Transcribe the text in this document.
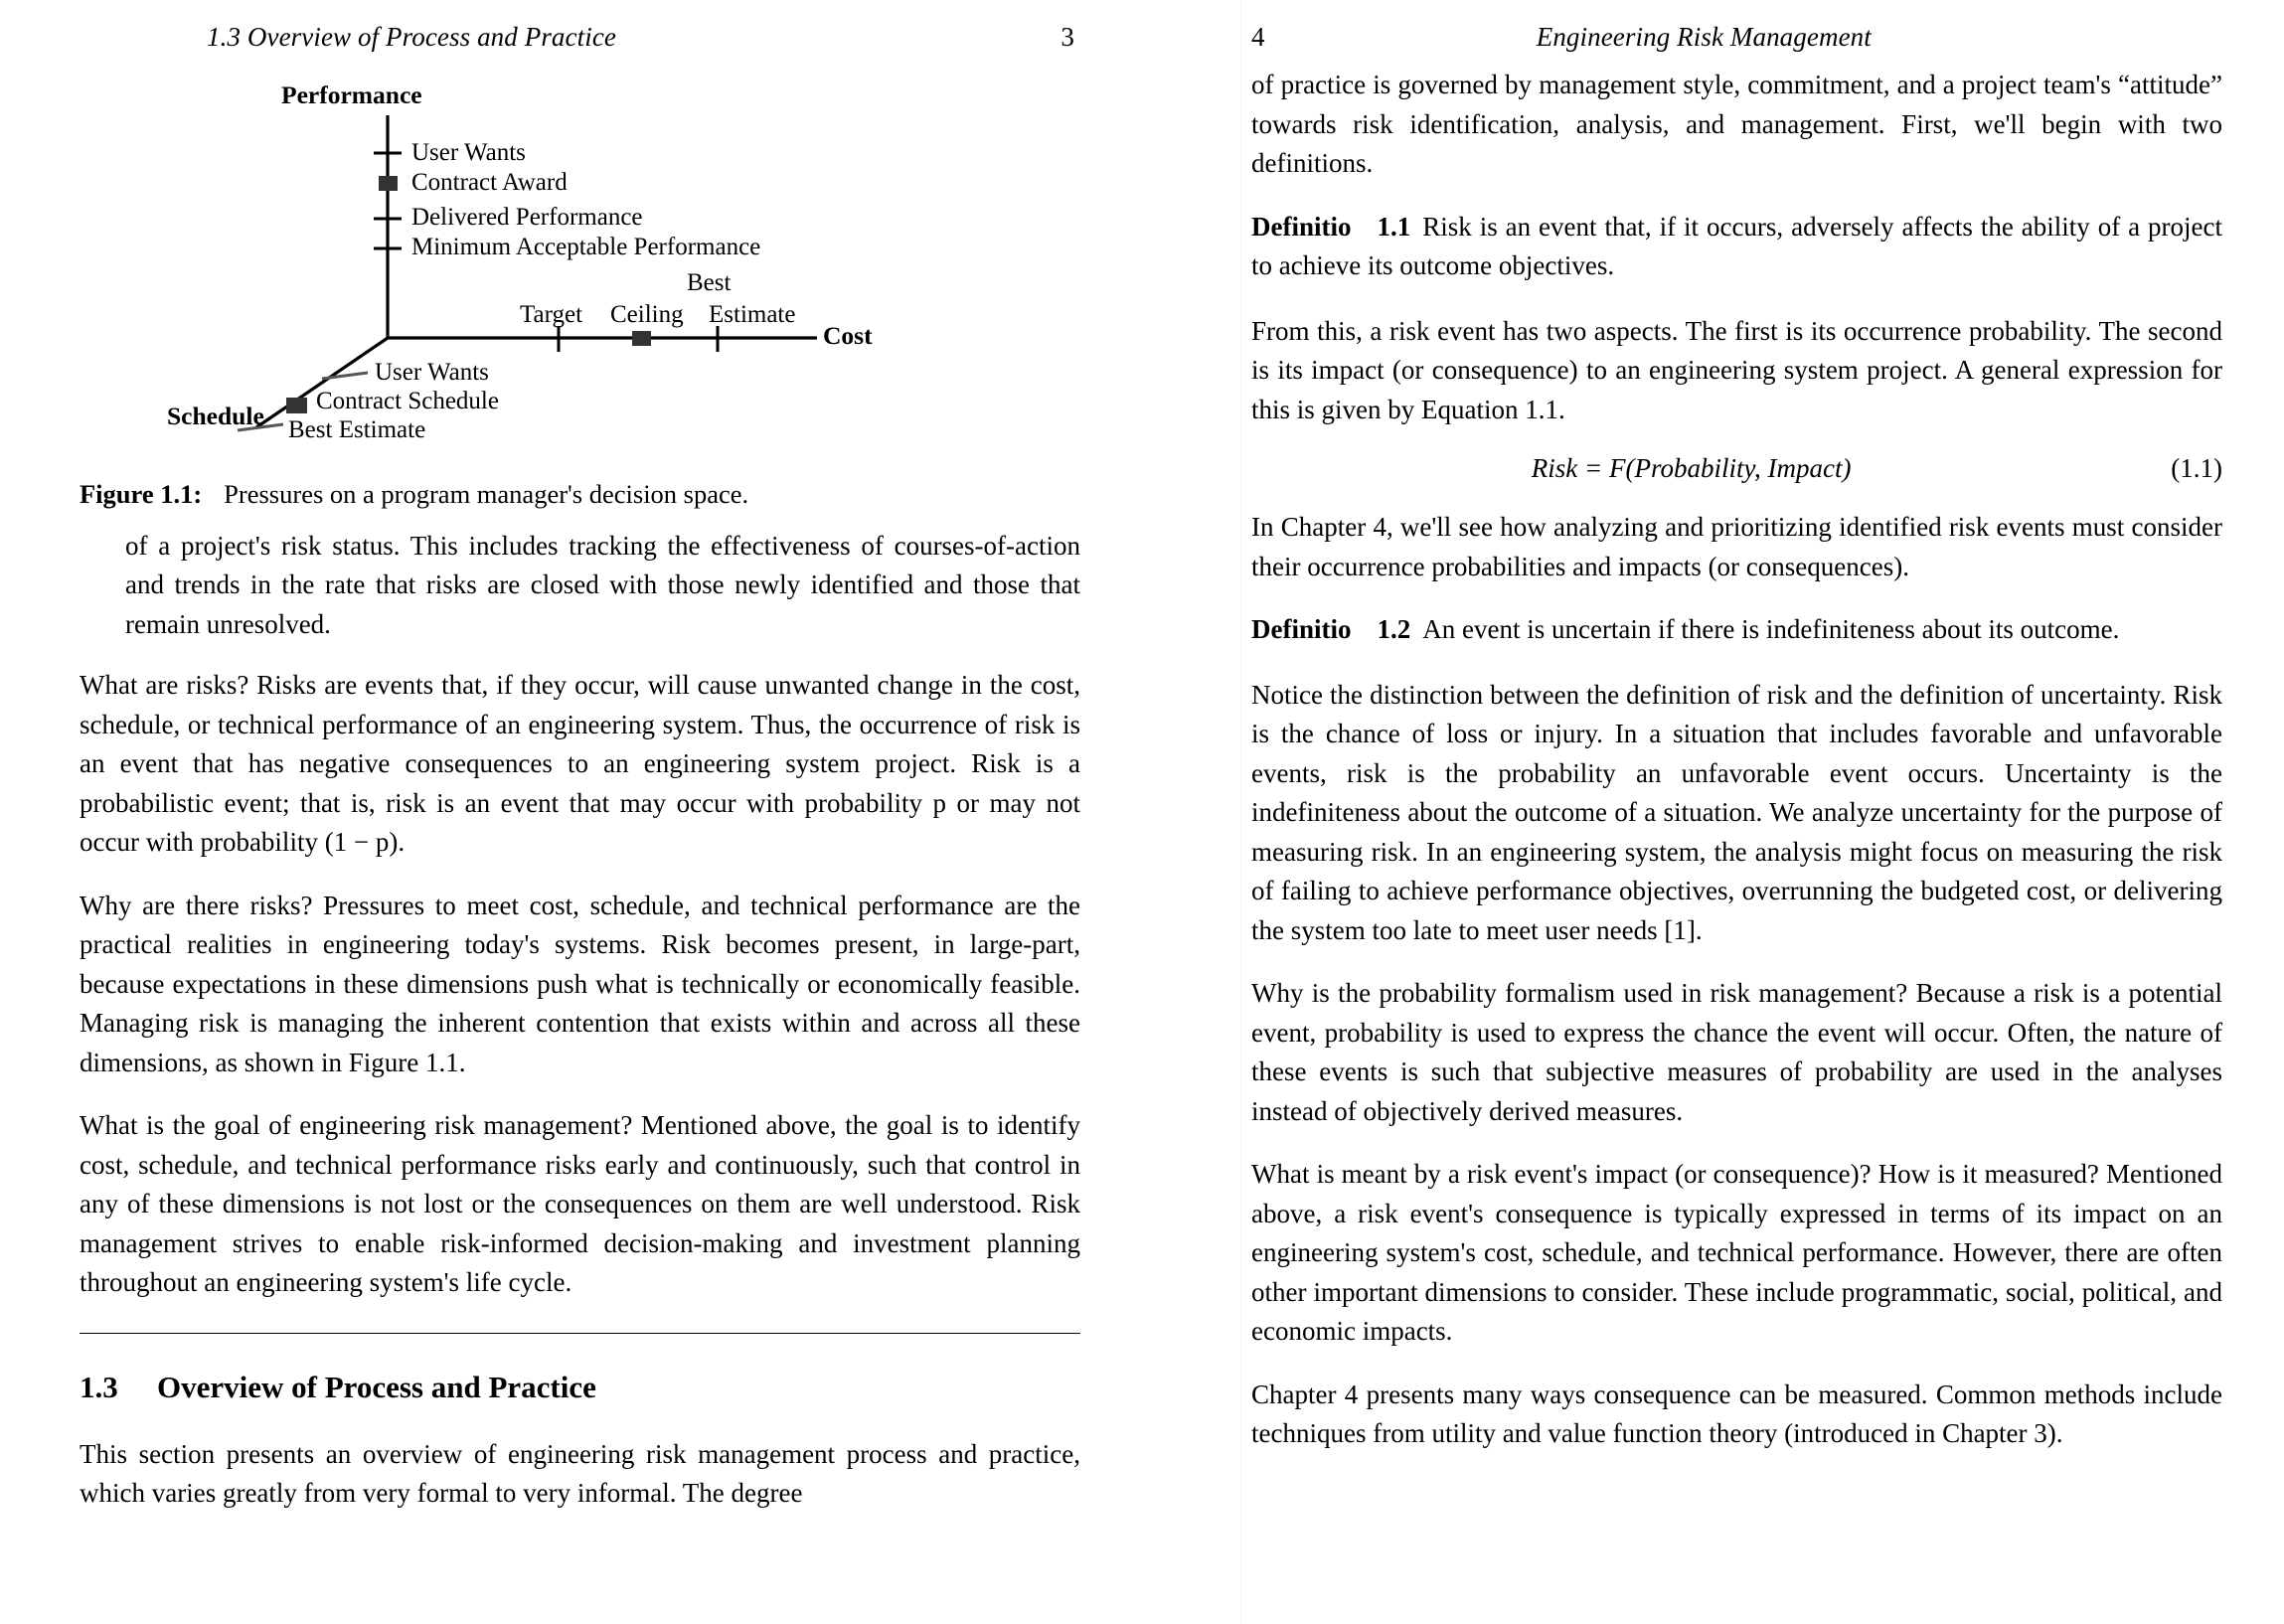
1.3 Overview of Process and Practice	3
Performance
Cost
Schedule
User Wants
Contract Award
Delivered Performance
Minimum Acceptable Performance
Best
Target Ceiling Estimate
User Wants
Contract Schedule
Best Estimate
Figure 1.1: Pressures on a program manager's decision space.

of a project's risk status. This includes tracking the effectiveness of courses-of-action and trends in the rate that risks are closed with those newly identified and those that remain unresolved.

What are risks? Risks are events that, if they occur, will cause unwanted change in the cost, schedule, or technical performance of an engineering system. Thus, the occurrence of risk is an event that has negative consequences to an engineering system project. Risk is a probabilistic event; that is, risk is an event that may occur with probability p or may not occur with probability (1 − p).

Why are there risks? Pressures to meet cost, schedule, and technical performance are the practical realities in engineering today's systems. Risk becomes present, in large-part, because expectations in these dimensions push what is technically or economically feasible. Managing risk is managing the inherent contention that exists within and across all these dimensions, as shown in Figure 1.1.

What is the goal of engineering risk management? Mentioned above, the goal is to identify cost, schedule, and technical performance risks early and continuously, such that control in any of these dimensions is not lost or the consequences on them are well understood. Risk management strives to enable risk-informed decision-making and investment planning throughout an engineering system's life cycle.

1.3	Overview of Process and Practice

This section presents an overview of engineering risk management process and practice, which varies greatly from very formal to very informal. The degree

4	Engineering Risk Management

of practice is governed by management style, commitment, and a project team's “attitude” towards risk identification, analysis, and management. First, we'll begin with two definitions.

Definitio 1.1 Risk is an event that, if it occurs, adversely affects the ability of a project to achieve its outcome objectives.

From this, a risk event has two aspects. The first is its occurrence probability. The second is its impact (or consequence) to an engineering system project. A general expression for this is given by Equation 1.1.

Risk = F(Probability, Impact)	(1.1)

In Chapter 4, we'll see how analyzing and prioritizing identified risk events must consider their occurrence probabilities and impacts (or consequences).

Definitio 1.2 An event is uncertain if there is indefiniteness about its outcome.

Notice the distinction between the definition of risk and the definition of uncertainty. Risk is the chance of loss or injury. In a situation that includes favorable and unfavorable events, risk is the probability an unfavorable event occurs. Uncertainty is the indefiniteness about the outcome of a situation. We analyze uncertainty for the purpose of measuring risk. In an engineering system, the analysis might focus on measuring the risk of failing to achieve performance objectives, overrunning the budgeted cost, or delivering the system too late to meet user needs [1].

Why is the probability formalism used in risk management? Because a risk is a potential event, probability is used to express the chance the event will occur. Often, the nature of these events is such that subjective measures of probability are used in the analyses instead of objectively derived measures.

What is meant by a risk event's impact (or consequence)? How is it measured? Mentioned above, a risk event's consequence is typically expressed in terms of its impact on an engineering system's cost, schedule, and technical performance. However, there are often other important dimensions to consider. These include programmatic, social, political, and economic impacts.

Chapter 4 presents many ways consequence can be measured. Common methods include techniques from utility and value function theory (introduced in Chapter 3).
